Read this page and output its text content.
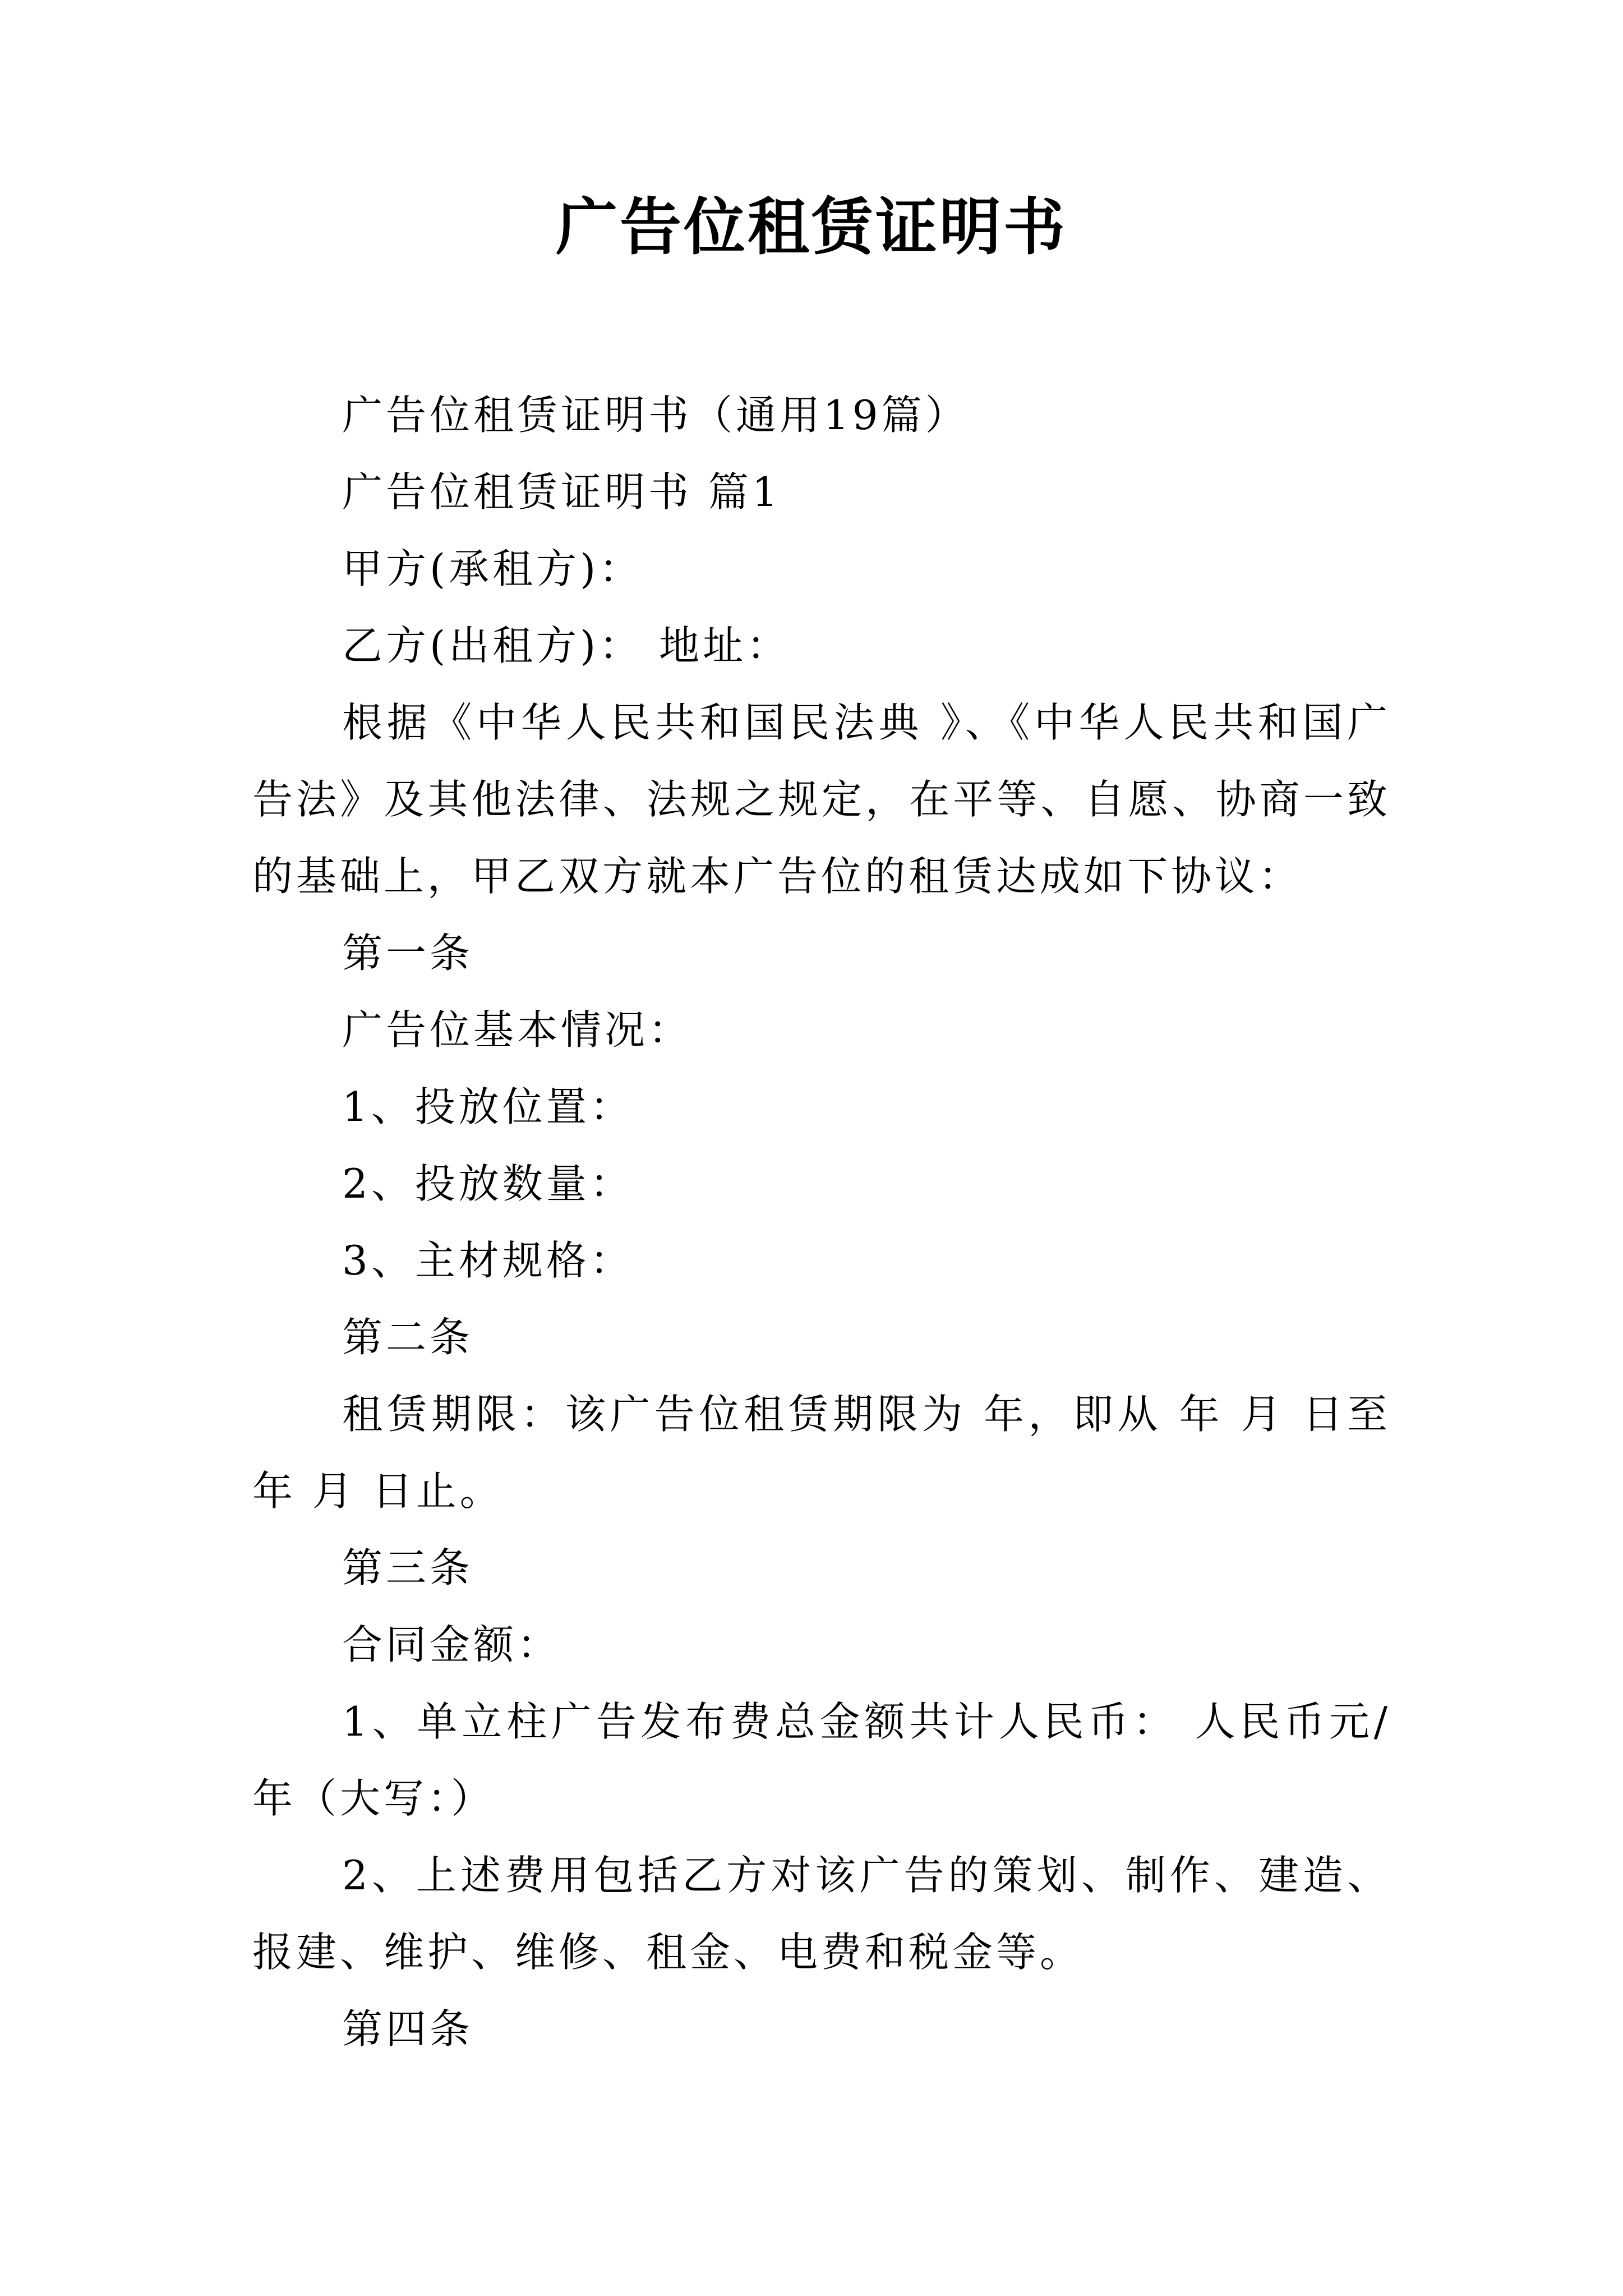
广告位租赁证明书

广告位租赁证明书（通用19篇）

广告位租赁证明书 篇1

甲方(承租方)：

乙方(出租方)： 地址：

根据《中华人民共和国民法典 》、《中华人民共和国广告法》及其他法律、法规之规定，在平等、自愿、协商一致的基础上，甲乙双方就本广告位的租赁达成如下协议：

第一条

广告位基本情况：

1、投放位置：

2、投放数量：

3、主材规格：

第二条

租赁期限：该广告位租赁期限为 年，即从 年 月 日至 年 月 日止。

第三条

合同金额：

1、单立柱广告发布费总金额共计人民币： 人民币元/年（大写：）

2、上述费用包括乙方对该广告的策划、制作、建造、报建、维护、维修、租金、电费和税金等。

第四条
